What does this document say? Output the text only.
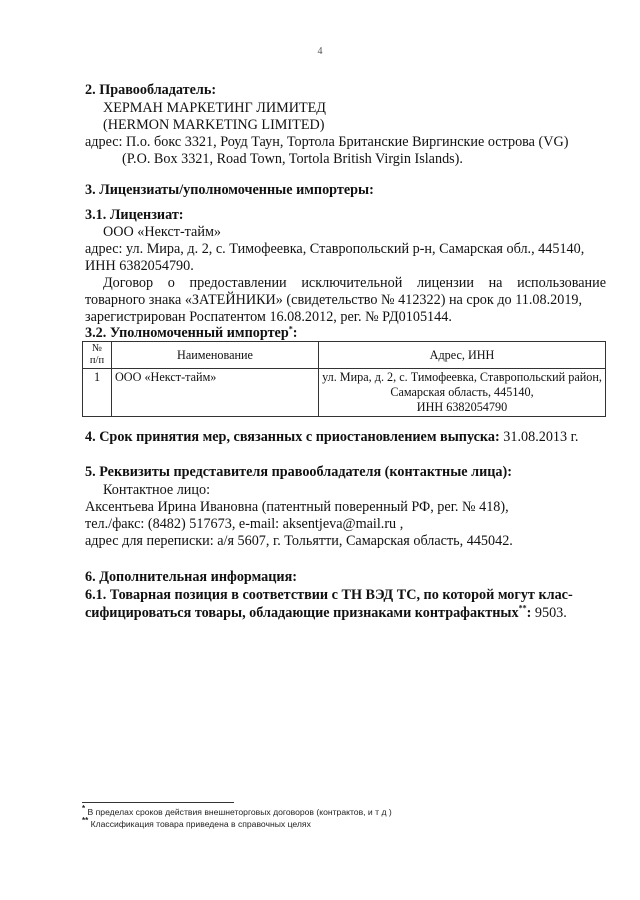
4
2. Правообладатель:
ХЕРМАН МАРКЕТИНГ ЛИМИТЕД
(HERMON MARKETING LIMITED)
адрес: П.о. бокс 3321, Роуд Таун, Тортола Британские Виргинские острова (VG)
(P.O. Box 3321, Road Town, Tortola British Virgin Islands).
3. Лицензиаты/уполномоченные импортеры:
3.1. Лицензиат:
ООО «Некст-тайм»
адрес: ул. Мира, д. 2, с. Тимофеевка, Ставропольский р-н, Самарская обл., 445140,
ИНН 6382054790.
Договор о предоставлении исключительной лицензии на использование
товарного знака «ЗАТЕЙНИКИ» (свидетельство № 412322) на срок до 11.08.2019,
зарегистрирован Роспатентом 16.08.2012, рег. № РД0105144.
3.2. Уполномоченный импортер*:
№
п/п	Наименование	Адрес, ИНН
1	ООО «Некст-тайм»	ул. Мира, д. 2, с. Тимофеевка, Ставропольский район,
Самарская область, 445140,
ИНН 6382054790
4. Срок принятия мер, связанных с приостановлением выпуска: 31.08.2013 г.
5. Реквизиты представителя правообладателя (контактные лица):
Контактное лицо:
Аксентьева Ирина Ивановна (патентный поверенный РФ, рег. № 418),
тел./факс: (8482) 517673, e-mail: aksentjeva@mail.ru ,
адрес для переписки: а/я 5607, г. Тольятти, Самарская область, 445042.
6. Дополнительная информация:
6.1. Товарная позиция в соответствии с ТН ВЭД ТС, по которой могут клас-
сифицироваться товары, обладающие признаками контрафактных**: 9503.
* В пределах сроков действия внешнеторговых договоров (контрактов, и т д )
** Классификация товара приведена в справочных целях
